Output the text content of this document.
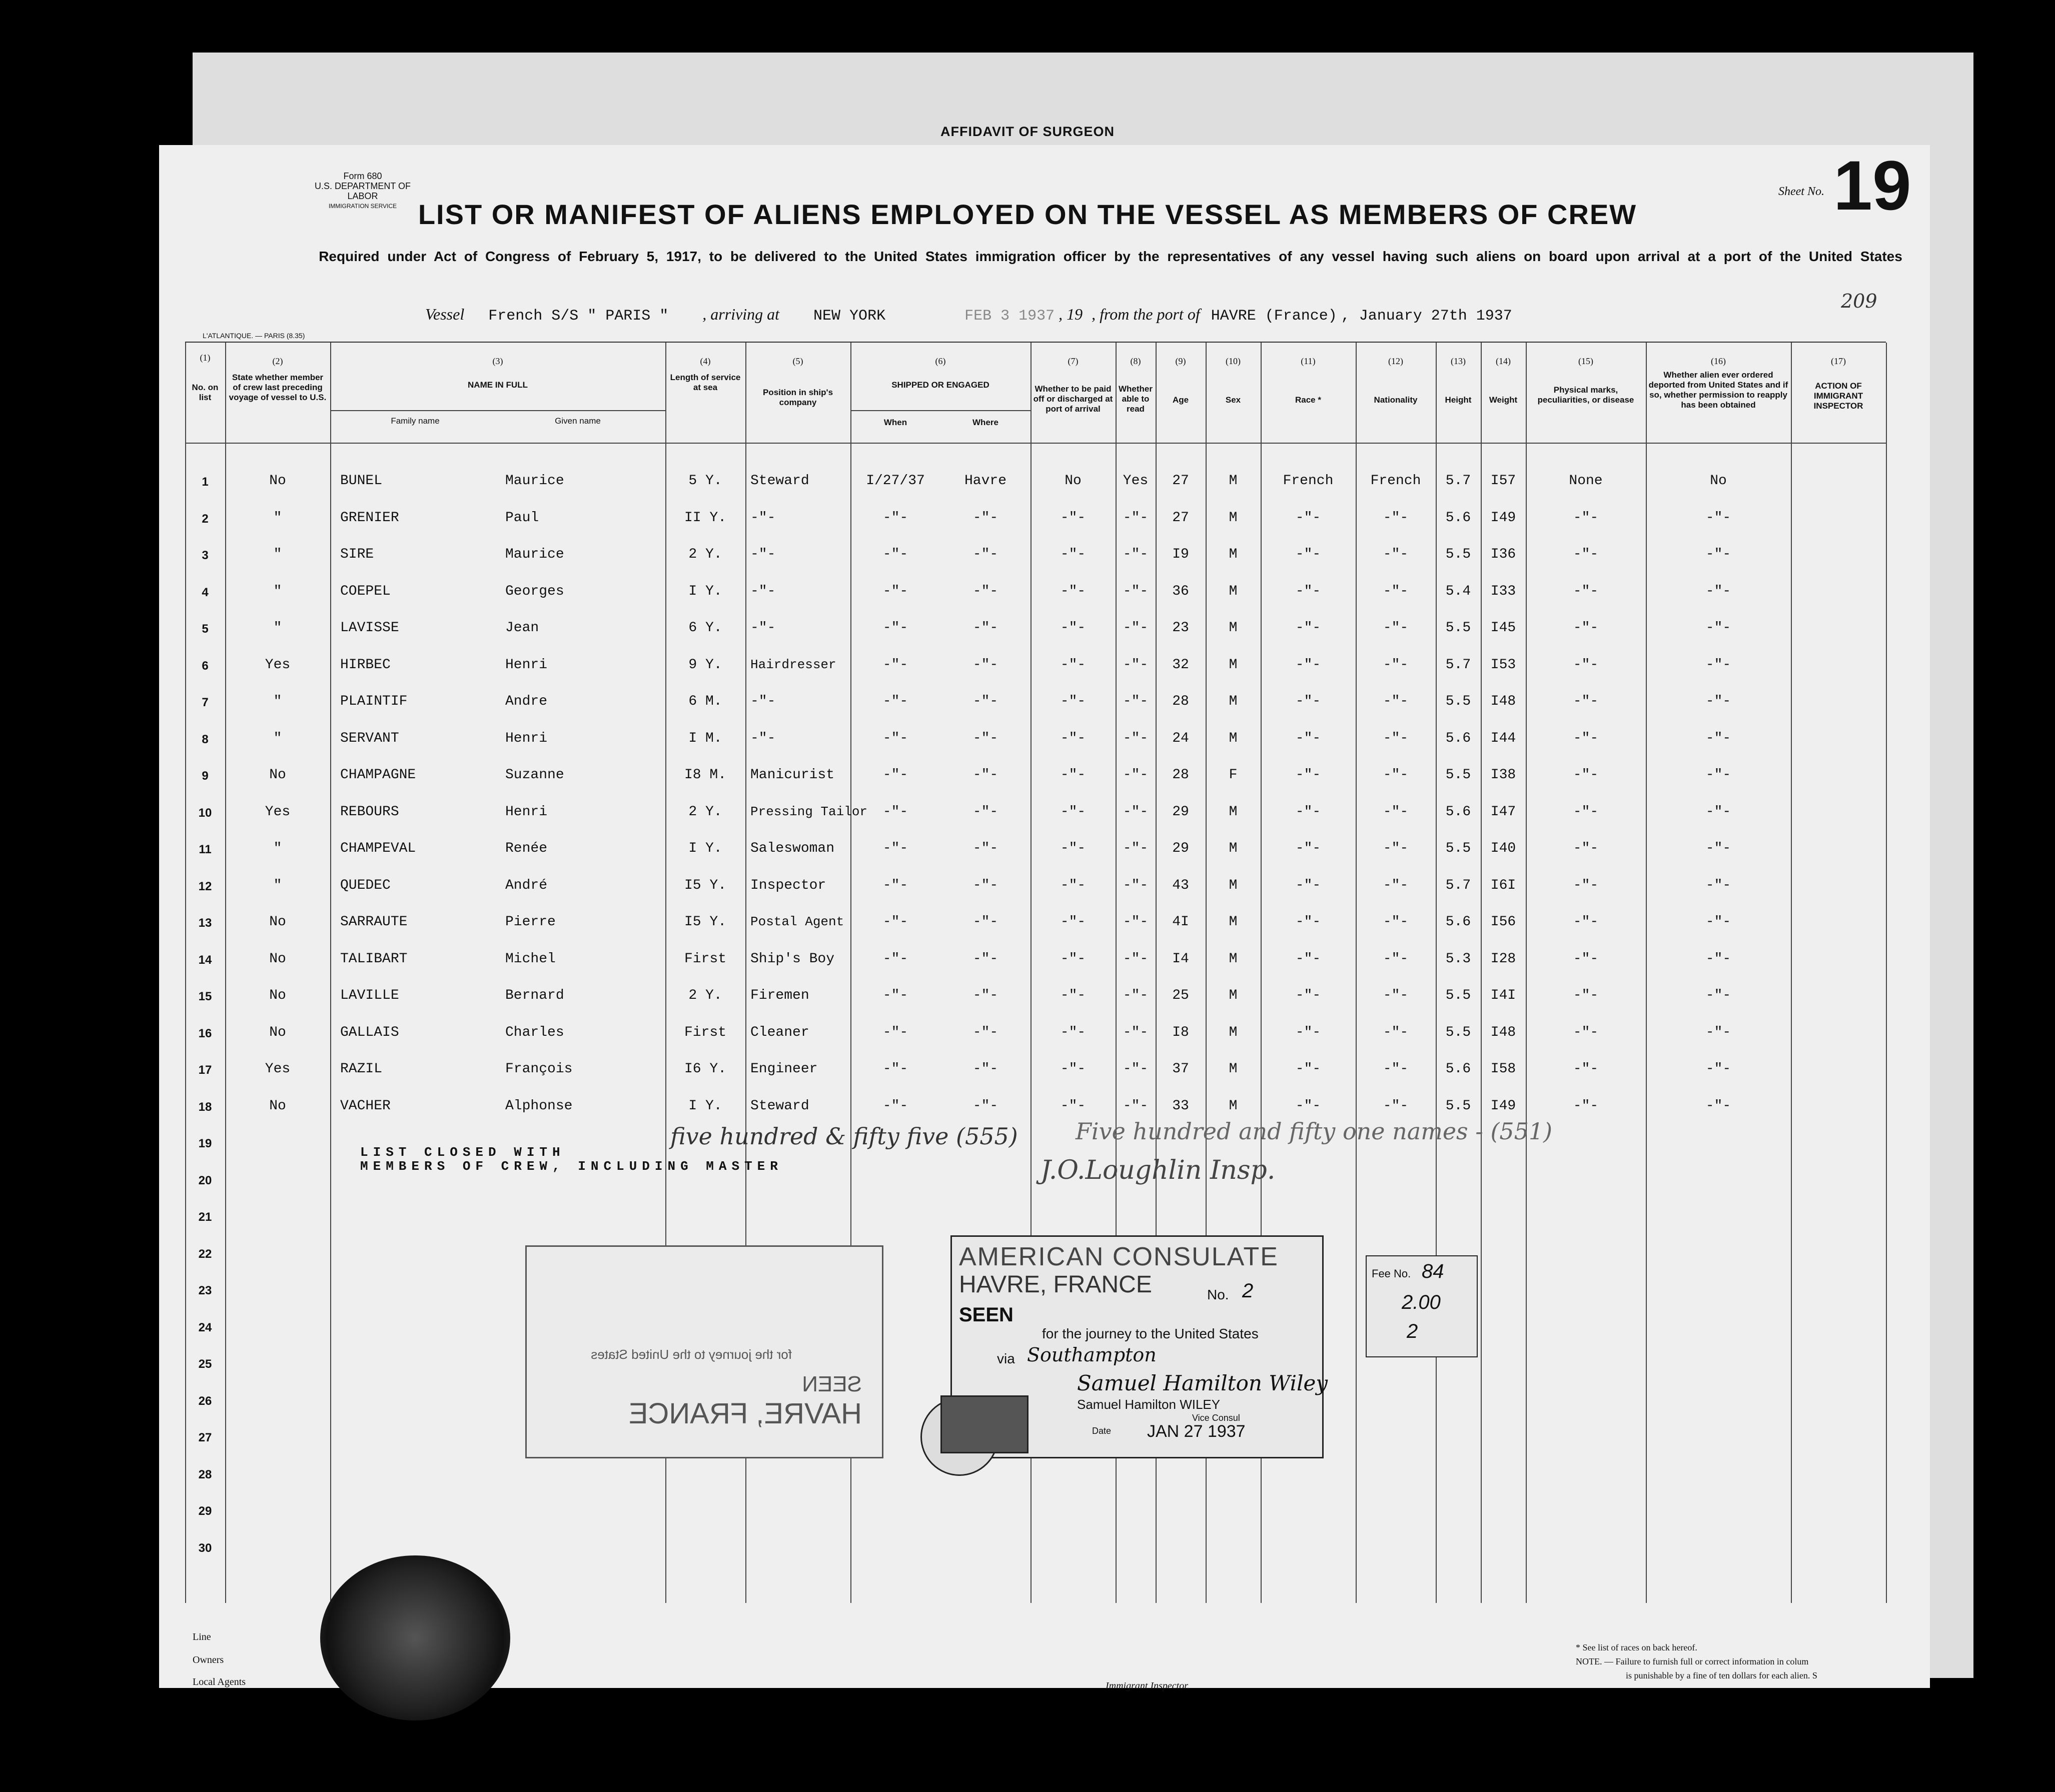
AFFIDAVIT OF SURGEON
Form 680
U.S. DEPARTMENT OF LABOR
IMMIGRATION SERVICE
Sheet No. 19
LIST OR MANIFEST OF ALIENS EMPLOYED ON THE VESSEL AS MEMBERS OF CREW
Required under Act of Congress of February 5, 1917, to be delivered to the United States immigration officer by the representatives of any vessel having such aliens on board upon arrival at a port of the United States
Vessel French S/S " PARIS " , arriving at NEW YORK	FEB 3 1937 , 19 , from the port of HAVRE (France) , January 27th 1937
209
L'ATLANTIQUE. — PARIS (8.35)
(1)	(2)	(3)	(4)	(5)	(6)	(7)	(8)	(9)	(10)	(11)	(12)	(13)	(14)	(15)	(16)	(17)
No. on list
State whether member of crew last preceding voyage of vessel to U.S.
NAME IN FULL
Family name	Given name
Length of service at sea
Position in ship's company
SHIPPED OR ENGAGED
When	Where
Whether to be paid off or discharged at port of arrival
Whether able to read
Age	Sex	Race *	Nationality	Height	Weight
Physical marks, peculiarities, or disease
Whether alien ever ordered deported from United States and if so, whether permission to reapply has been obtained
ACTION OF IMMIGRANT INSPECTOR
1	No	BUNEL	Maurice	5 Y.	Steward	I/27/37	Havre	No	Yes	27	M	French	French	5.7	I57	None	No
2	"	GRENIER	Paul	II Y.	-"-	-"-	-"-	-"-	-"-	27	M	-"-	-"-	5.6	I49	-"-	-"-
3	"	SIRE	Maurice	2 Y.	-"-	-"-	-"-	-"-	-"-	I9	M	-"-	-"-	5.5	I36	-"-	-"-
4	"	COEPEL	Georges	I Y.	-"-	-"-	-"-	-"-	-"-	36	M	-"-	-"-	5.4	I33	-"-	-"-
5	"	LAVISSE	Jean	6 Y.	-"-	-"-	-"-	-"-	-"-	23	M	-"-	-"-	5.5	I45	-"-	-"-
6	Yes	HIRBEC	Henri	9 Y.	Hairdresser	-"-	-"-	-"-	-"-	32	M	-"-	-"-	5.7	I53	-"-	-"-
7	"	PLAINTIF	Andre	6 M.	-"-	-"-	-"-	-"-	-"-	28	M	-"-	-"-	5.5	I48	-"-	-"-
8	"	SERVANT	Henri	I M.	-"-	-"-	-"-	-"-	-"-	24	M	-"-	-"-	5.6	I44	-"-	-"-
9	No	CHAMPAGNE	Suzanne	I8 M.	Manicurist	-"-	-"-	-"-	-"-	28	F	-"-	-"-	5.5	I38	-"-	-"-
10	Yes	REBOURS	Henri	2 Y.	Pressing Tailor	-"-	-"-	-"-	-"-	29	M	-"-	-"-	5.6	I47	-"-	-"-
11	"	CHAMPEVAL	Renée	I Y.	Saleswoman	-"-	-"-	-"-	-"-	29	M	-"-	-"-	5.5	I40	-"-	-"-
12	"	QUEDEC	André	I5 Y.	Inspector	-"-	-"-	-"-	-"-	43	M	-"-	-"-	5.7	I6I	-"-	-"-
13	No	SARRAUTE	Pierre	I5 Y.	Postal Agent	-"-	-"-	-"-	-"-	4I	M	-"-	-"-	5.6	I56	-"-	-"-
14	No	TALIBART	Michel	First	Ship's Boy	-"-	-"-	-"-	-"-	I4	M	-"-	-"-	5.3	I28	-"-	-"-
15	No	LAVILLE	Bernard	2 Y.	Firemen	-"-	-"-	-"-	-"-	25	M	-"-	-"-	5.5	I4I	-"-	-"-
16	No	GALLAIS	Charles	First	Cleaner	-"-	-"-	-"-	-"-	I8	M	-"-	-"-	5.5	I48	-"-	-"-
17	Yes	RAZIL	François	I6 Y.	Engineer	-"-	-"-	-"-	-"-	37	M	-"-	-"-	5.6	I58	-"-	-"-
18	No	VACHER	Alphonse	I Y.	Steward	-"-	-"-	-"-	-"-	33	M	-"-	-"-	5.5	I49	-"-	-"-
19
20
21
22
23
24
25
26
27
28
29
30
LIST CLOSED WITH
MEMBERS OF CREW, INCLUDING MASTER
five hundred & fifty five (555)	Five hundred and fifty one names - (551)
J.O.Loughlin Insp.
HAVRE, FRANCE
SEEN
for the journey to the United States
AMERICAN CONSULATE
HAVRE, FRANCE	No. 2
SEEN
for the journey to the United States
via Southampton
Samuel Hamilton Wiley
Samuel Hamilton WILEY
Vice Consul
Date JAN 27 1937
Fee No. 84
2.00
2
Line
Owners
Local Agents	Immigrant Inspector.
* See list of races on back hereof.
NOTE. — Failure to furnish full or correct information in colum
is punishable by a fine of ten dollars for each alien. S
